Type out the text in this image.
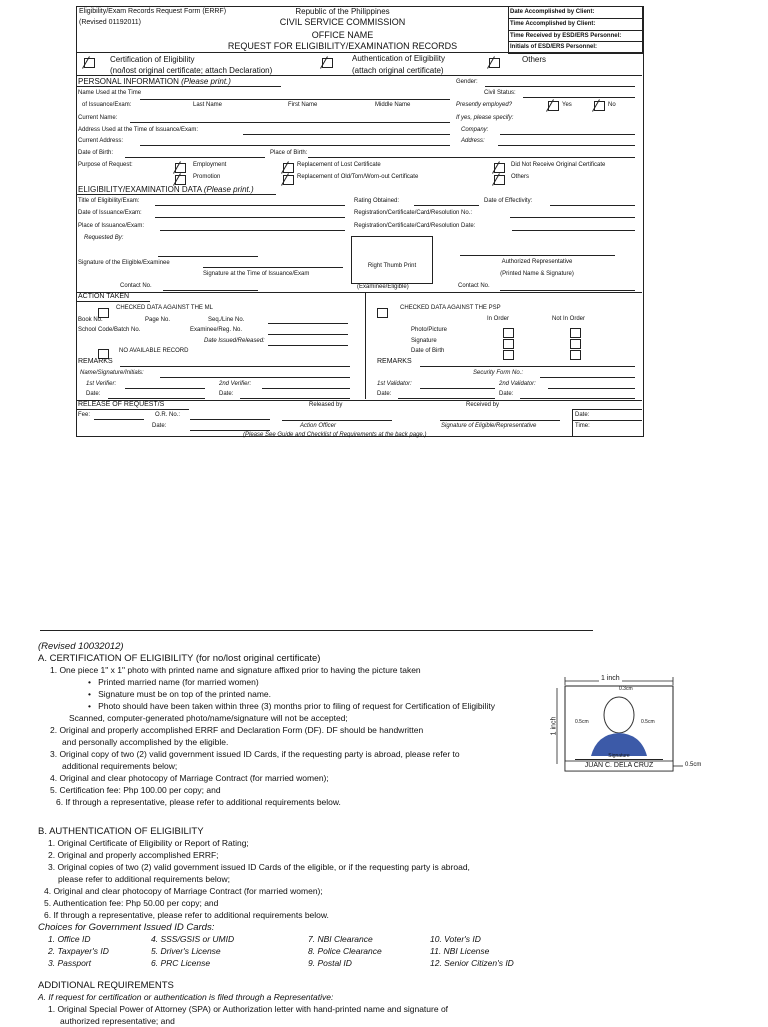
Eligibility/Exam Records Request Form (ERRF)
(Revised 01192011)
Republic of the Philippines
CIVIL SERVICE COMMISSION
OFFICE NAME
REQUEST FOR ELIGIBILITY/EXAMINATION RECORDS
Date Accomplished by Client:
Time Accomplished by Client:
Time Received by ESD/ERS Personnel:
Initials of ESD/ERS Personnel:
Certification of Eligibility
(no/lost original certificate; attach Declaration)
Authentication of Eligibility
(attach original certificate)
Others
PERSONAL INFORMATION (Please print.)
Name Used at the Time
of Issuance/Exam:	Last Name	First Name	Middle Name
Gender:
Civil Status:
Presently employed?	Yes	No
Current Name:	If yes, please specify:
Company:
Address:
Address Used at the Time of Issuance/Exam:
Current Address:
Date of Birth:	Place of Birth:
Purpose of Request:	Employment
Promotion
Replacement of Lost Certificate
Replacement of Old/Torn/Worn-out Certificate
Did Not Receive Original Certificate
Others
ELIGIBILITY/EXAMINATION DATA (Please print.)
Title of Eligibility/Exam:
Date of Issuance/Exam:
Place of Issuance/Exam:
Requested By:
Rating Obtained:	Date of Effectivity:
Registration/Certificate/Card/Resolution No.:
Registration/Certificate/Card/Resolution Date:
Signature of the Eligible/Examinee
Signature at the Time of Issuance/Exam
Contact No.
Right Thumb Print
(Examinee/Eligible)
Authorized Representative
(Printed Name & Signature)
Contact No.
ACTION TAKEN
CHECKED DATA AGAINST THE ML
Book No.	Page No.	Seq./Line No.
School Code/Batch No.	Examinee/Reg. No.
Date Issued/Released:
NO AVAILABLE RECORD
REMARKS
Name/Signature/Initials:
1st Verifier:	2nd Verifier:
Date:	Date:
CHECKED DATA AGAINST THE PSP
In Order	Not In Order
Photo/Picture
Signature
Date of Birth
REMARKS
Security Form No.:
1st Validator:	2nd Validator:
Date:	Date:
RELEASE OF REQUEST/S	Released by	Received by
Fee:	O.R. No.:
Date:	Action Officer	Signature of Eligible/Representative
Date:
Time:
(Please See Guide and Checklist of Requirements at the back page.)
(Revised 10032012)
A. CERTIFICATION OF ELIGIBILITY (for no/lost original certificate)
1. One piece 1" x 1" photo with printed name and signature affixed prior to having the picture taken
•   Printed married name (for married women)
•   Signature must be on top of the printed name.
•   Photo should have been taken within three (3) months prior to filing of request for Certification of Eligibility
Scanned, computer-generated photo/name/signature will not be accepted;
2. Original and properly accomplished ERRF and Declaration Form (DF). DF should be handwritten
and personally accomplished by the eligible.
3. Original copy of two (2) valid government issued ID Cards, if the requesting party is abroad, please refer to
additional requirements below;
4. Original and clear photocopy of Marriage Contract (for married women);
5. Certification fee: Php 100.00 per copy; and
6. If through a representative, please refer to additional requirements below.
B. AUTHENTICATION OF ELIGIBILITY
1. Original Certificate of Eligibility or Report of Rating;
2. Original and properly accomplished ERRF;
3. Original copies of two (2) valid government issued ID Cards of the eligible, or if the requesting party is abroad,
please refer to additional requirements below;
4. Original and clear photocopy of Marriage Contract (for married women);
5. Authentication fee: Php 50.00 per copy; and
6. If through a representative, please refer to additional requirements below.
Choices for Government Issued ID Cards:
1. Office ID	4. SSS/GSIS or UMID	7. NBI Clearance	10. Voter's ID
2. Taxpayer's ID	5. Driver's License	8. Police Clearance	11. NBI License
3. Passport	6. PRC License	9. Postal ID	12. Senior Citizen's ID
ADDITIONAL REQUIREMENTS
A. If request for certification or authentication is filed through a Representative:
1. Original Special Power of Attorney (SPA) or Authorization letter with hand-printed name and signature of
authorized representative; and
1 inch
0.3cm
0.5cm	0.5cm
1 inch
Signature
JUAN C. DELA CRUZ	0.5cm
